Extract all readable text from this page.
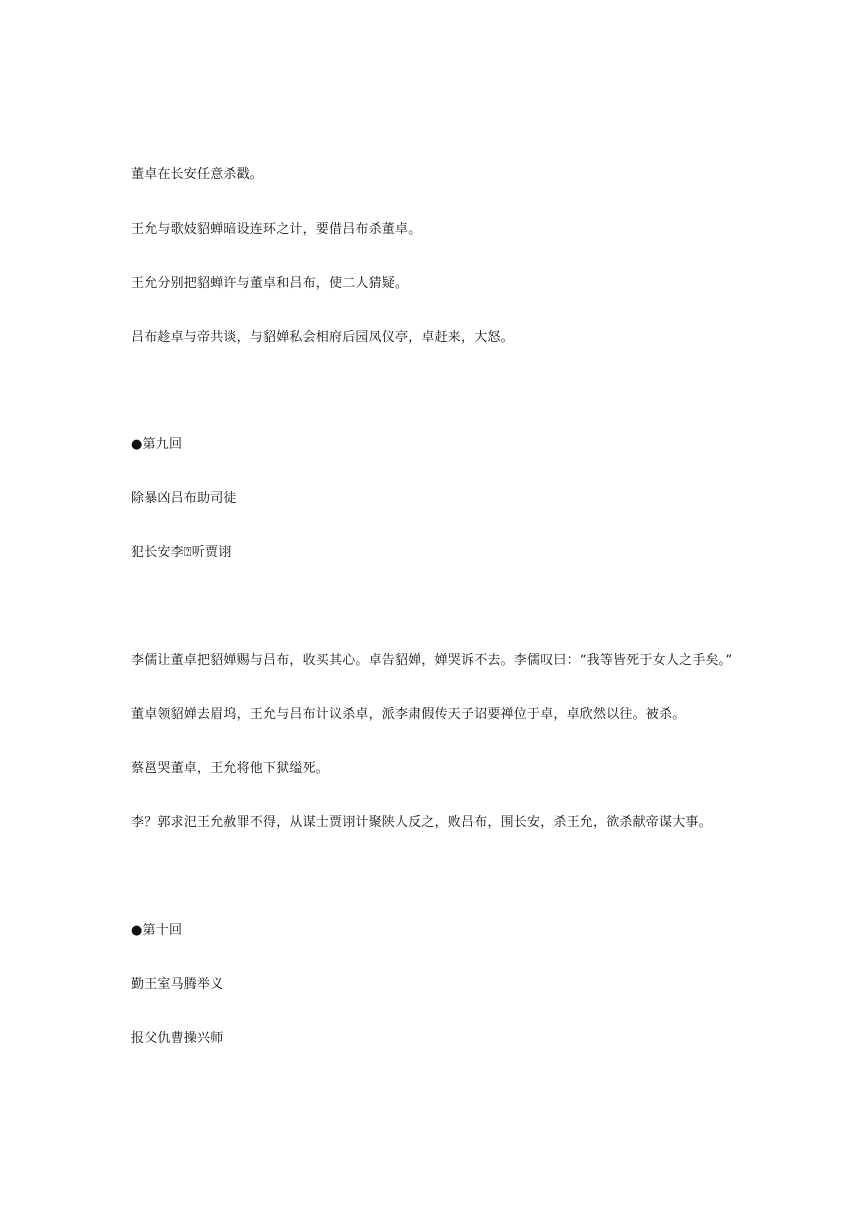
董卓在长安任意杀戳。
王允与歌妓貂蝉暗设连环之计，要借吕布杀董卓。
王允分别把貂蝉许与董卓和吕布，使二人猜疑。
吕布趁卓与帝共谈，与貂婵私会相府后园凤仪亭，卓赶来，大怒。
●第九回
除暴凶吕布助司徒
犯长安李⍰听贾诩
李儒让董卓把貂婵赐与吕布，收买其心。卓告貂婵，婵哭诉不去。李儒叹曰：“我等皆死于女人之手矣。”
董卓领貂婵去眉坞，王允与吕布计议杀卓，派李肃假传天子诏要禅位于卓，卓欣然以往。被杀。
蔡邕哭董卓，王允将他下狱缢死。
李？郭求汜王允赦罪不得，从谋士贾诩计聚陕人反之，败吕布，围长安，杀王允，欲杀献帝谋大事。
●第十回
勤王室马腾举义
报父仇曹操兴师
